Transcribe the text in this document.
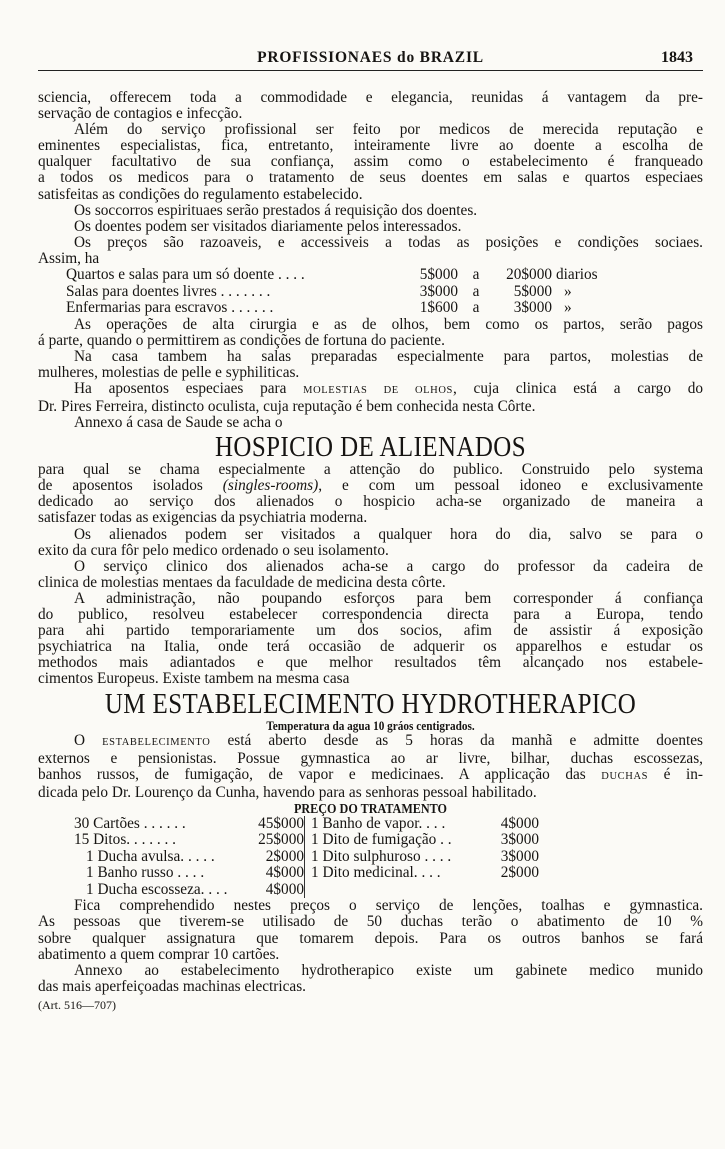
PROFISSIONAES do BRAZIL	1843

sciencia, offerecem toda a commodidade e elegancia, reunidas á vantagem da pre-
servação de contagios e infecção.

Além do serviço profissional ser feito por medicos de merecida reputação e
eminentes especialistas, fica, entretanto, inteiramente livre ao doente a escolha de
qualquer facultativo de sua confiança, assim como o estabelecimento é franqueado
a todos os medicos para o tratamento de seus doentes em salas e quartos especiaes
satisfeitas as condições do regulamento estabelecido.

Os soccorros espirituaes serão prestados á requisição dos doentes.

Os doentes podem ser visitados diariamente pelos interessados.

Os preços são razoaveis, e accessiveis a todas as posições e condições sociaes.
Assim, ha

Quartos e salas para um só doente . . . .	5$000	a	20$000	diarios
Salas para doentes livres . . . . . . .	3$000	a	5$000	»
Enfermarias para escravos . . . . . .	1$600	a	3$000	»

As operações de alta cirurgia e as de olhos, bem como os partos, serão pagos
á parte, quando o permittirem as condições de fortuna do paciente.

Na casa tambem ha salas preparadas especialmente para partos, molestias de
mulheres, molestias de pelle e syphiliticas.

Ha aposentos especiaes para MOLESTIAS DE OLHOS, cuja clinica está a cargo do
Dr. Pires Ferreira, distincto oculista, cuja reputação é bem conhecida nesta Côrte.

Annexo á casa de Saude se acha o

HOSPICIO DE ALIENADOS

para qual se chama especialmente a attenção do publico. Construido pelo systema
de aposentos isolados (singles-rooms), e com um pessoal idoneo e exclusivamente
dedicado ao serviço dos alienados o hospicio acha-se organizado de maneira a
satisfazer todas as exigencias da psychiatria moderna.

Os alienados podem ser visitados a qualquer hora do dia, salvo se para o
exito da cura fôr pelo medico ordenado o seu isolamento.

O serviço clinico dos alienados acha-se a cargo do professor da cadeira de
clinica de molestias mentaes da faculdade de medicina desta côrte.

A administração, não poupando esforços para bem corresponder á confiança
do publico, resolveu estabelecer correspondencia directa para a Europa, tendo
para ahi partido temporariamente um dos socios, afim de assistir á exposição
psychiatrica na Italia, onde terá occasião de adquerir os apparelhos e estudar os
methodos mais adiantados e que melhor resultados têm alcançado nos estabele-
cimentos Europeus. Existe tambem na mesma casa

UM ESTABELECIMENTO HYDROTHERAPICO
Temperatura da agua 10 gráos centigrados.

O ESTABELECIMENTO está aberto desde as 5 horas da manhã e admitte doentes
externos e pensionistas. Possue gymnastica ao ar livre, bilhar, duchas escossezas,
banhos russos, de fumigação, de vapor e medicinaes. A applicação das DUCHAS é in-
dicada pelo Dr. Lourenço da Cunha, havendo para as senhoras pessoal habilitado.

PREÇO DO TRATAMENTO
30 Cartões . . . . . .	45$000	1 Banho de vapor. . . .	4$000
15 Ditos. . . . . . .	25$000	1 Dito de fumigação . .	3$000
1 Ducha avulsa. . . . .	2$000	1 Dito sulphuroso . . . .	3$000
1 Banho russo . . . .	4$000	1 Dito medicinal. . . .	2$000
1 Ducha escosseza. . . .	4$000		

Fica comprehendido nestes preços o serviço de lenções, toalhas e gymnastica.
As pessoas que tiverem-se utilisado de 50 duchas terão o abatimento de 10 %
sobre qualquer assignatura que tomarem depois. Para os outros banhos se fará
abatimento a quem comprar 10 cartões.

Annexo ao estabelecimento hydrotherapico existe um gabinete medico munido
das mais aperfeiçoadas machinas electricas.

(Art. 516—707)
